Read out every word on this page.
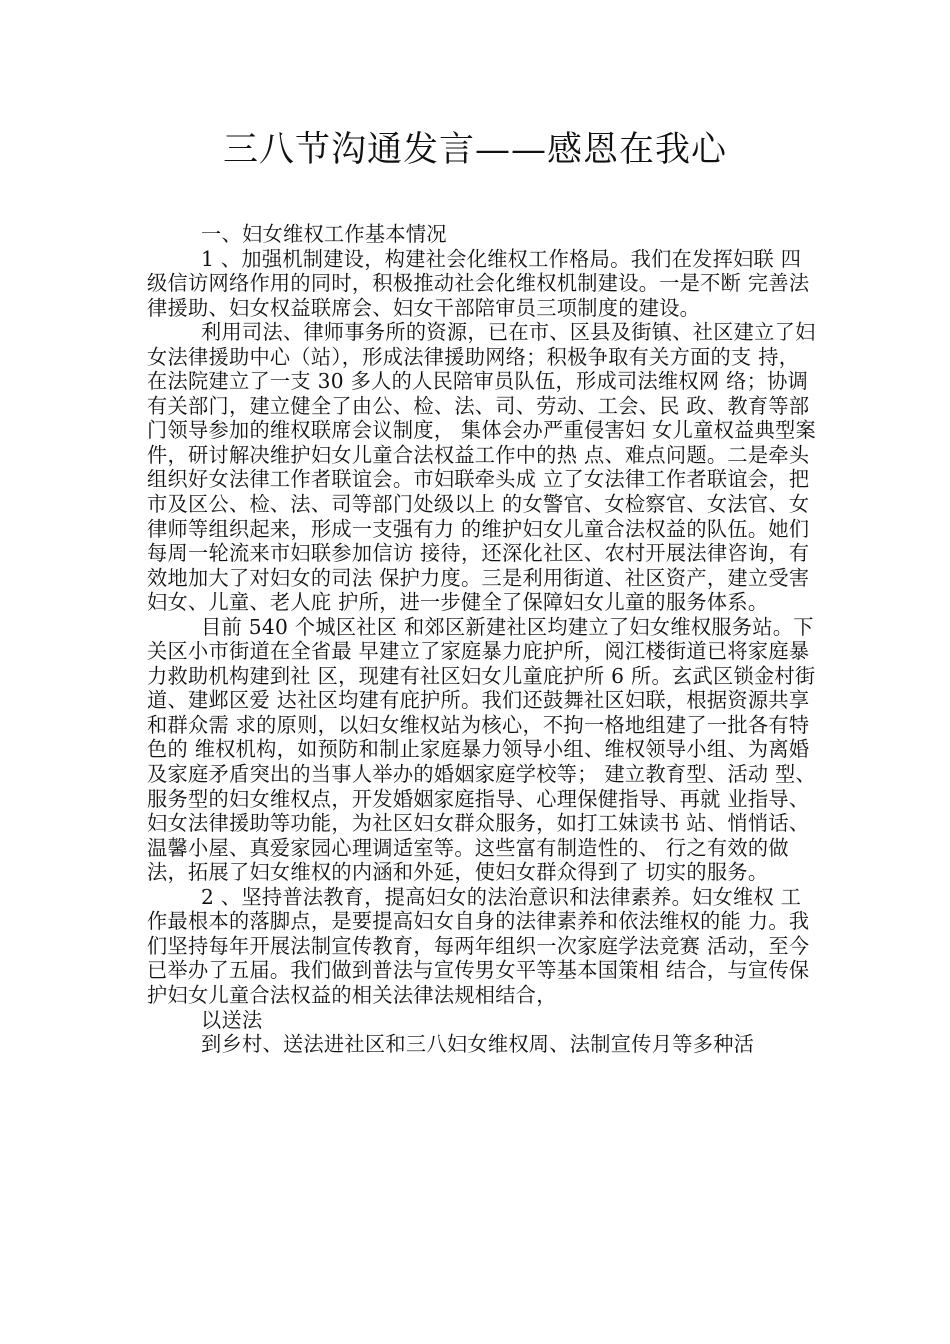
三八节沟通发言——感恩在我心

一、妇女维权工作基本情况

1 、加强机制建设，构建社会化维权工作格局。我们在发挥妇联 四级信访网络作用的同时，积极推动社会化维权机制建设。一是不断 完善法律援助、妇女权益联席会、妇女干部陪审员三项制度的建设。

利用司法、律师事务所的资源，已在市、区县及街镇、社区建立了妇 女法律援助中心（站），形成法律援助网络；积极争取有关方面的支 持，在法院建立了一支 30 多人的人民陪审员队伍，形成司法维权网 络；协调有关部门，建立健全了由公、检、法、司、劳动、工会、民 政、教育等部门领导参加的维权联席会议制度， 集体会办严重侵害妇 女儿童权益典型案件，研讨解决维护妇女儿童合法权益工作中的热 点、难点问题。二是牵头组织好女法律工作者联谊会。市妇联牵头成 立了女法律工作者联谊会，把市及区公、检、法、司等部门处级以上 的女警官、女检察官、女法官、女律师等组织起来，形成一支强有力 的维护妇女儿童合法权益的队伍。她们每周一轮流来市妇联参加信访 接待，还深化社区、农村开展法律咨询，有效地加大了对妇女的司法 保护力度。三是利用街道、社区资产，建立受害妇女、儿童、老人庇 护所，进一步健全了保障妇女儿童的服务体系。

目前 540 个城区社区 和郊区新建社区均建立了妇女维权服务站。下关区小市街道在全省最 早建立了家庭暴力庇护所，阅江楼街道已将家庭暴力救助机构建到社 区，现建有社区妇女儿童庇护所 6 所。玄武区锁金村街道、建邺区爱 达社区均建有庇护所。我们还鼓舞社区妇联，根据资源共享和群众需 求的原则，以妇女维权站为核心，不拘一格地组建了一批各有特色的 维权机构，如预防和制止家庭暴力领导小组、维权领导小组、为离婚 及家庭矛盾突出的当事人举办的婚姻家庭学校等； 建立教育型、活动 型、服务型的妇女维权点，开发婚姻家庭指导、心理保健指导、再就 业指导、妇女法律援助等功能，为社区妇女群众服务，如打工妹读书 站、悄悄话、温馨小屋、真爱家园心理调适室等。这些富有制造性的、 行之有效的做法，拓展了妇女维权的内涵和外延，使妇女群众得到了 切实的服务。

2 、坚持普法教育，提高妇女的法治意识和法律素养。妇女维权 工 作最根本的落脚点，是要提高妇女自身的法律素养和依法维权的能 力。我们坚持每年开展法制宣传教育，每两年组织一次家庭学法竞赛 活动，至今已举办了五届。我们做到普法与宣传男女平等基本国策相 结合，与宣传保护妇女儿童合法权益的相关法律法规相结合，

以送法

到乡村、送法进社区和三八妇女维权周、法制宣传月等多种活
